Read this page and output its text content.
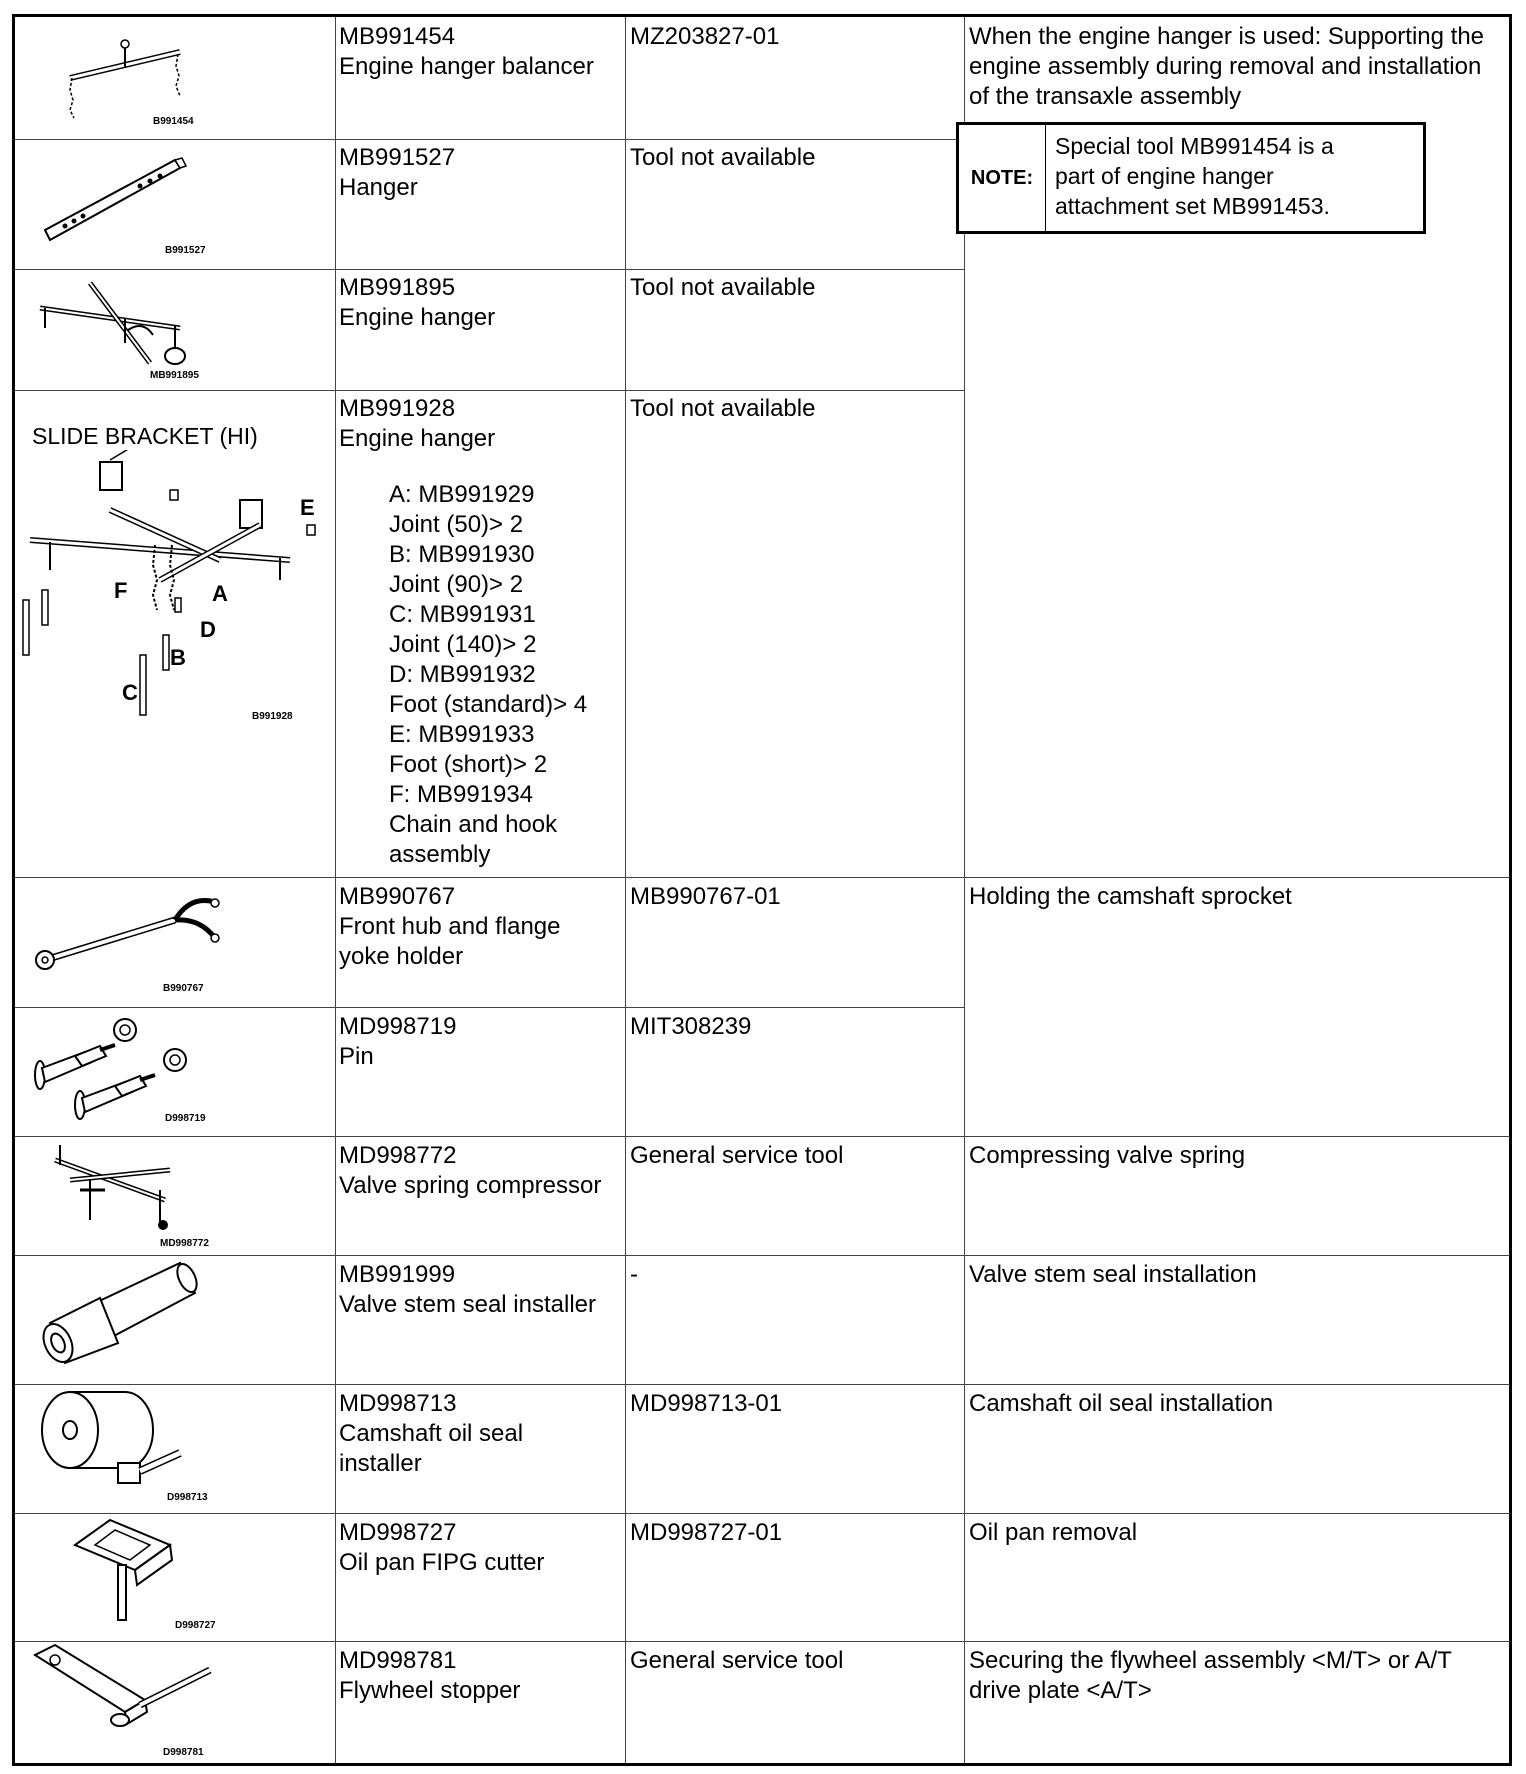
B991454
B991527
MB991895
SLIDE BRACKET (HI)
E
F	A
D
B
C
B991928
B990767
D998719
MD998772
D998713
D998727
D998781
MB991454
Engine hanger balancer
MB991527
Hanger
MB991895
Engine hanger
MB991928
Engine hanger
A: MB991929
Joint (50)> 2
B: MB991930
Joint (90)> 2
C: MB991931
Joint (140)> 2
D: MB991932
Foot (standard)> 4
E: MB991933
Foot (short)> 2
F: MB991934
Chain and hook
assembly
MB990767
Front hub and flange
yoke holder
MD998719
Pin
MD998772
Valve spring compressor
MB991999
Valve stem seal installer
MD998713
Camshaft oil seal
installer
MD998727
Oil pan FIPG cutter
MD998781
Flywheel stopper
MZ203827-01
Tool not available
Tool not available
Tool not available
MB990767-01
MIT308239
General service tool
-
MD998713-01
MD998727-01
General service tool
When the engine hanger is used: Supporting the
engine assembly during removal and installation
of the transaxle assembly
NOTE:
Special tool MB991454 is a
part of engine hanger
attachment set MB991453.
Holding the camshaft sprocket
Compressing valve spring
Valve stem seal installation
Camshaft oil seal installation
Oil pan removal
Securing the flywheel assembly <M/T> or A/T
drive plate <A/T>
